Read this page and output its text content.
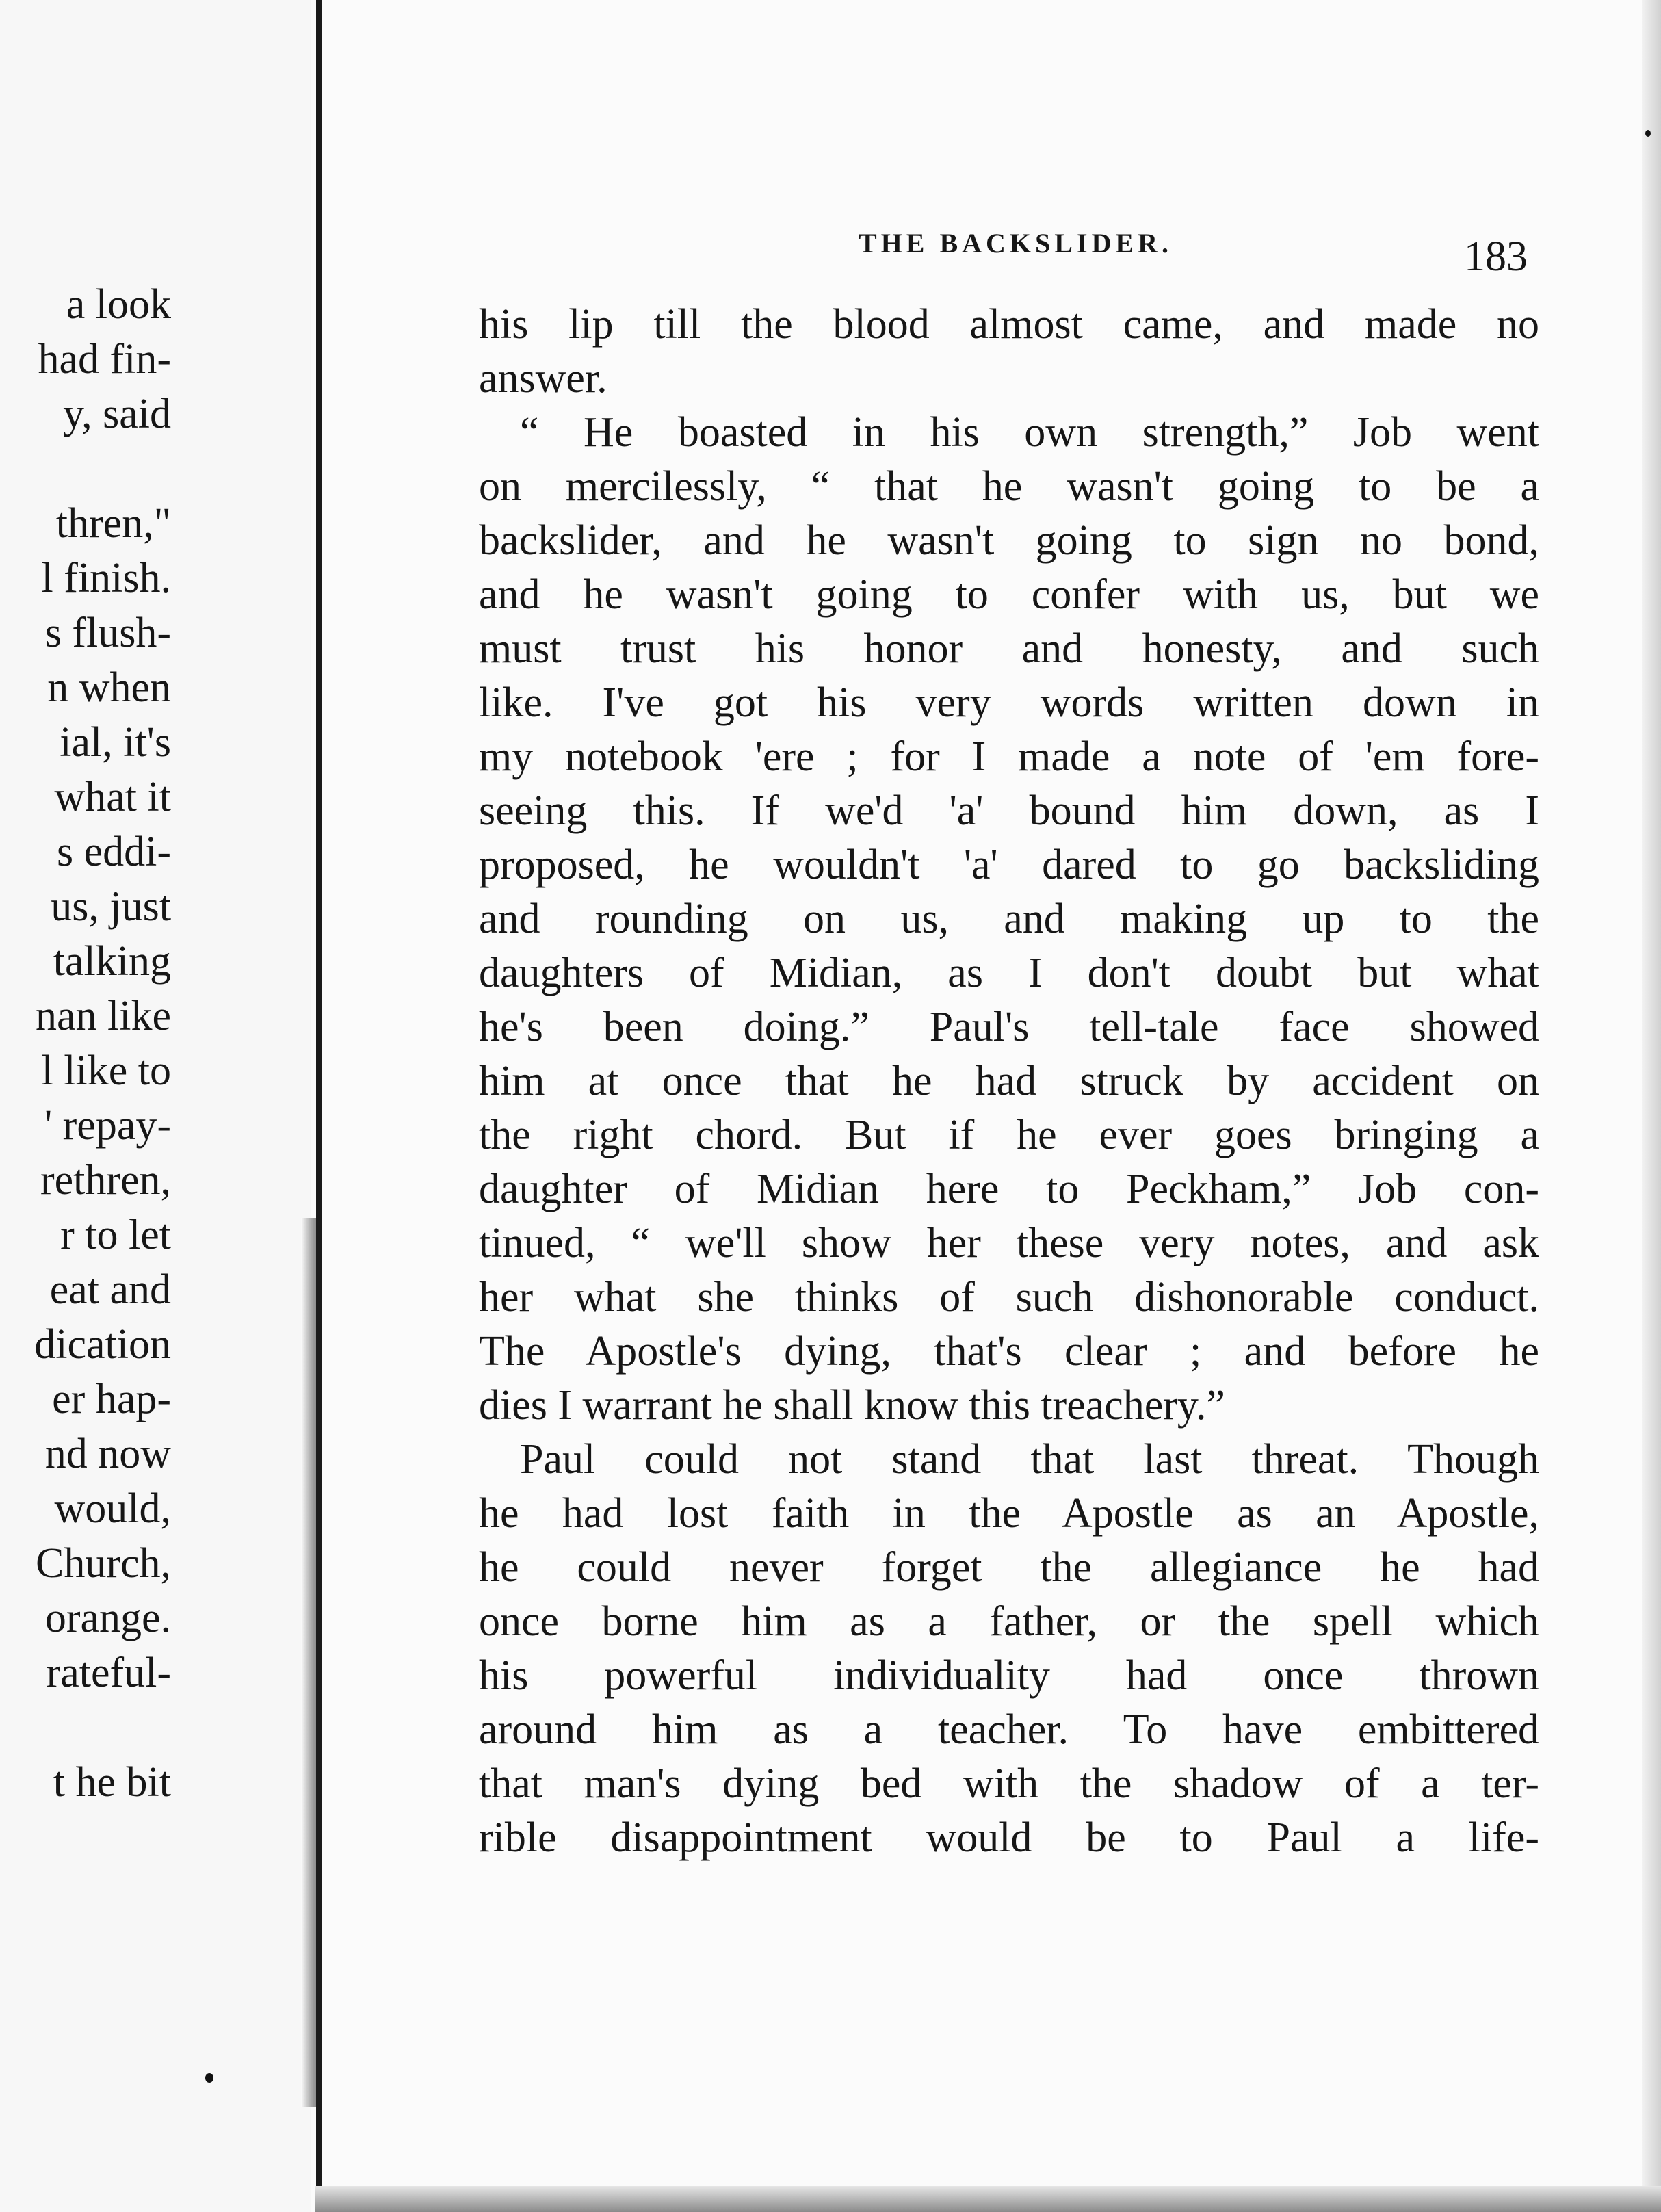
a look
had fin-
y, said
thren,"
l finish.
s flush-
n when
ial, it's
what it
s eddi-
us, just
talking
nan like
l like to
' repay-
rethren,
r to let
eat and
dication
er hap-
nd now
would,
Church,
orange.
rateful-
t he bit
THE BACKSLIDER.	183
his lip till the blood almost came, and made no
answer.
“ He boasted in his own strength,” Job went
on mercilessly, “ that he wasn't going to be a
backslider, and he wasn't going to sign no bond,
and he wasn't going to confer with us, but we
must trust his honor and honesty, and such
like. I've got his very words written down in
my notebook 'ere ; for I made a note of 'em fore-
seeing this. If we'd 'a' bound him down, as I
proposed, he wouldn't 'a' dared to go backsliding
and rounding on us, and making up to the
daughters of Midian, as I don't doubt but what
he's been doing.” Paul's tell-tale face showed
him at once that he had struck by accident on
the right chord. But if he ever goes bringing a
daughter of Midian here to Peckham,” Job con-
tinued, “ we'll show her these very notes, and ask
her what she thinks of such dishonorable conduct.
The Apostle's dying, that's clear ; and before he
dies I warrant he shall know this treachery.”
Paul could not stand that last threat. Though
he had lost faith in the Apostle as an Apostle,
he could never forget the allegiance he had
once borne him as a father, or the spell which
his powerful individuality had once thrown
around him as a teacher. To have embittered
that man's dying bed with the shadow of a ter-
rible disappointment would be to Paul a life-
